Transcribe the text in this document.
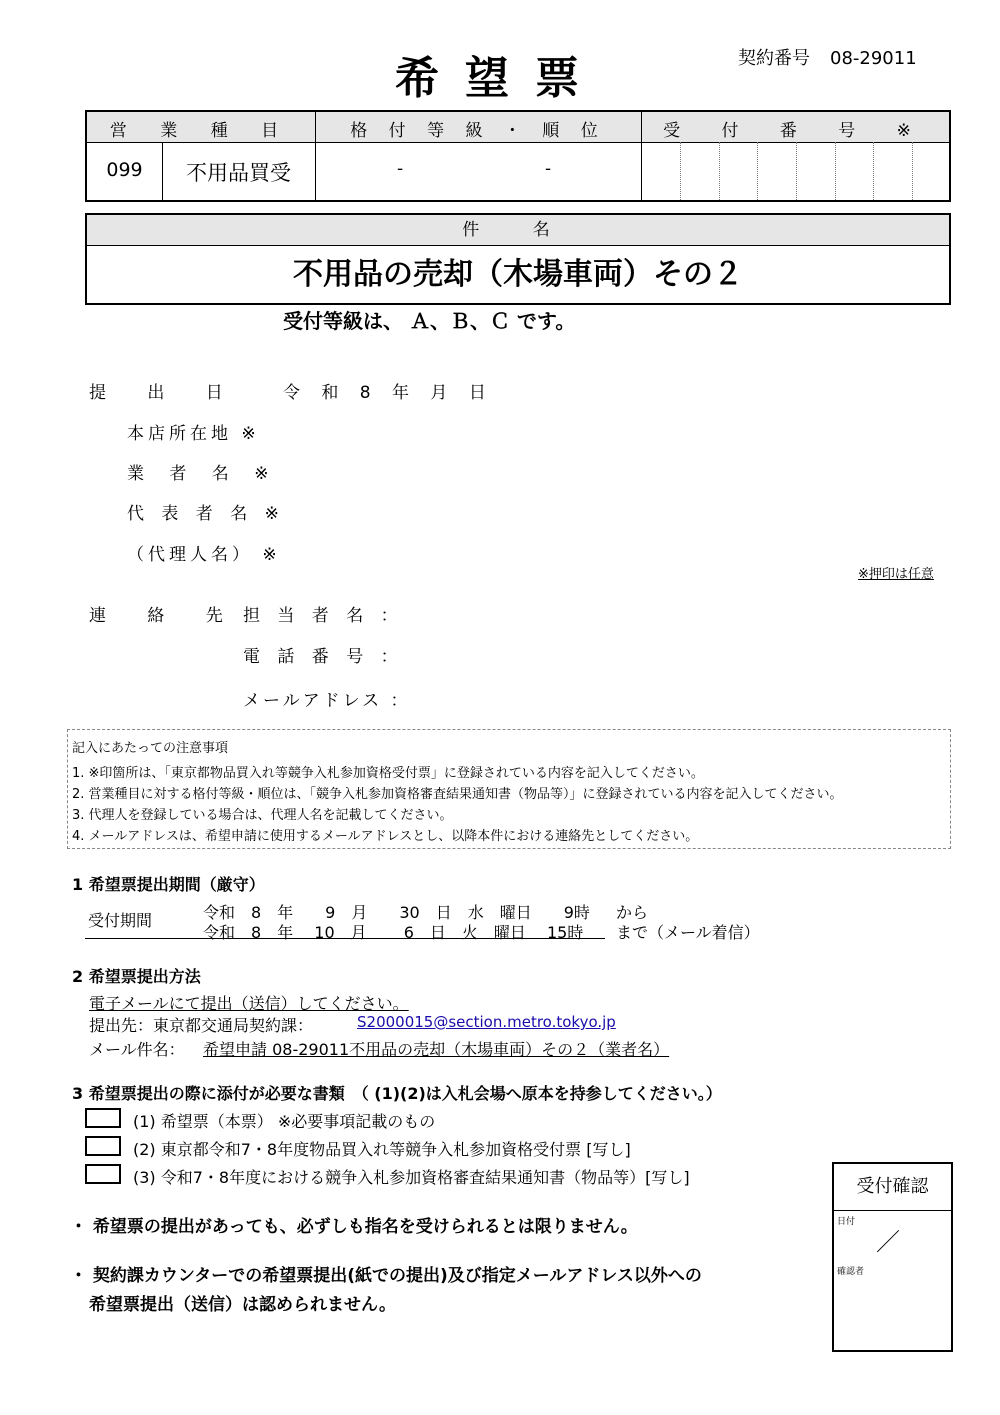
希望票	契約番号 08-29011
営 業 種 目	格 付 等 級 ・ 順 位	受 付 番 号 ※
099	不用品買受	-	-
件 名
不用品の売却（木場車両）その２
受付等級は、 Ａ、Ｂ、Ｃ です。
提 出 日 令 和 8 年 月 日
本店所在地 ※
業 者 名 ※
代 表 者 名 ※
（代理人名） ※
※押印は任意
連 絡 先 担 当 者 名 ：
電 話 番 号 ：
メールアドレス ：
記入にあたっての注意事項
1. ※印箇所は、「東京都物品買入れ等競争入札参加資格受付票」に登録されている内容を記入してください。
2. 営業種目に対する格付等級・順位は、「競争入札参加資格審査結果通知書（物品等）」に登録されている内容を記入してください。
3. 代理人を登録している場合は、代理人名を記載してください。
4. メールアドレスは、希望申請に使用するメールアドレスとし、以降本件における連絡先としてください。
1 希望票提出期間（厳守）
受付期間	令和　8　年　　9　月　　30　日　水　曜日　　9時 から
令和　8　年　 10　月　　 6　日　火　曜日　 15時 まで（メール着信）
2 希望票提出方法
電子メールにて提出（送信）してください。
提出先：東京都交通局契約課：	S2000015@section.metro.tokyo.jp
メール件名： 希望申請 08-29011不用品の売却（木場車両）その２（業者名）
3 希望票提出の際に添付が必要な書類　（ (1)(2)は入札会場へ原本を持参してください。）
(1) 希望票（本票） ※必要事項記載のもの
(2) 東京都令和7・8年度物品買入れ等競争入札参加資格受付票 [写し]
(3) 令和7・8年度における競争入札参加資格審査結果通知書（物品等）[写し]
・ 希望票の提出があっても、必ずしも指名を受けられるとは限りません。
・ 契約課カウンターでの希望票提出(紙での提出)及び指定メールアドレス以外への
希望票提出（送信）は認められません。
受付確認
日付
／
確認者
